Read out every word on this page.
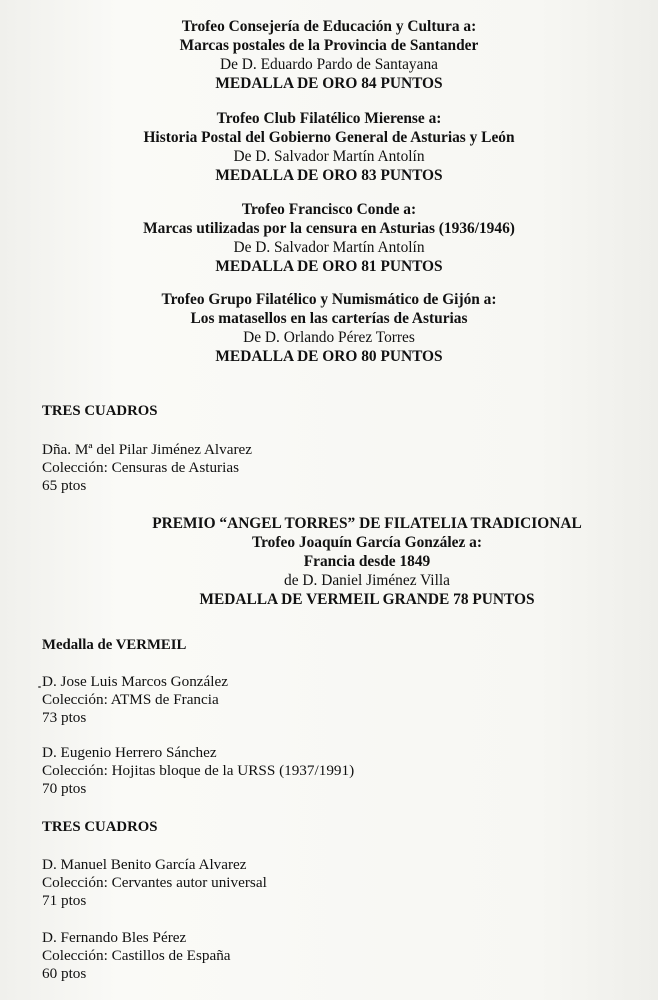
Trofeo Consejería de Educación y Cultura a:
Marcas postales de la Provincia de Santander
De D. Eduardo Pardo de Santayana
MEDALLA DE ORO 84 PUNTOS
Trofeo Club Filatélico Mierense a:
Historia Postal del Gobierno General de Asturias y León
De D. Salvador Martín Antolín
MEDALLA DE ORO 83 PUNTOS
Trofeo Francisco Conde a:
Marcas utilizadas por la censura en Asturias (1936/1946)
De D. Salvador Martín Antolín
MEDALLA DE ORO 81 PUNTOS
Trofeo Grupo Filatélico y Numismático de Gijón a:
Los matasellos en las carterías de Asturias
De D. Orlando Pérez Torres
MEDALLA DE ORO 80 PUNTOS
TRES CUADROS
Dña. Mª del Pilar Jiménez Alvarez
Colección: Censuras de Asturias
65 ptos
PREMIO “ANGEL TORRES” DE FILATELIA TRADICIONAL
Trofeo Joaquín García González a:
Francia desde 1849
de D. Daniel Jiménez Villa
MEDALLA DE VERMEIL GRANDE 78 PUNTOS
Medalla de VERMEIL
D. Jose Luis Marcos González
Colección: ATMS de Francia
73 ptos
D. Eugenio Herrero Sánchez
Colección: Hojitas bloque de la URSS (1937/1991)
70 ptos
TRES CUADROS
D. Manuel Benito García Alvarez
Colección: Cervantes autor universal
71 ptos
D. Fernando Bles Pérez
Colección: Castillos de España
60 ptos
